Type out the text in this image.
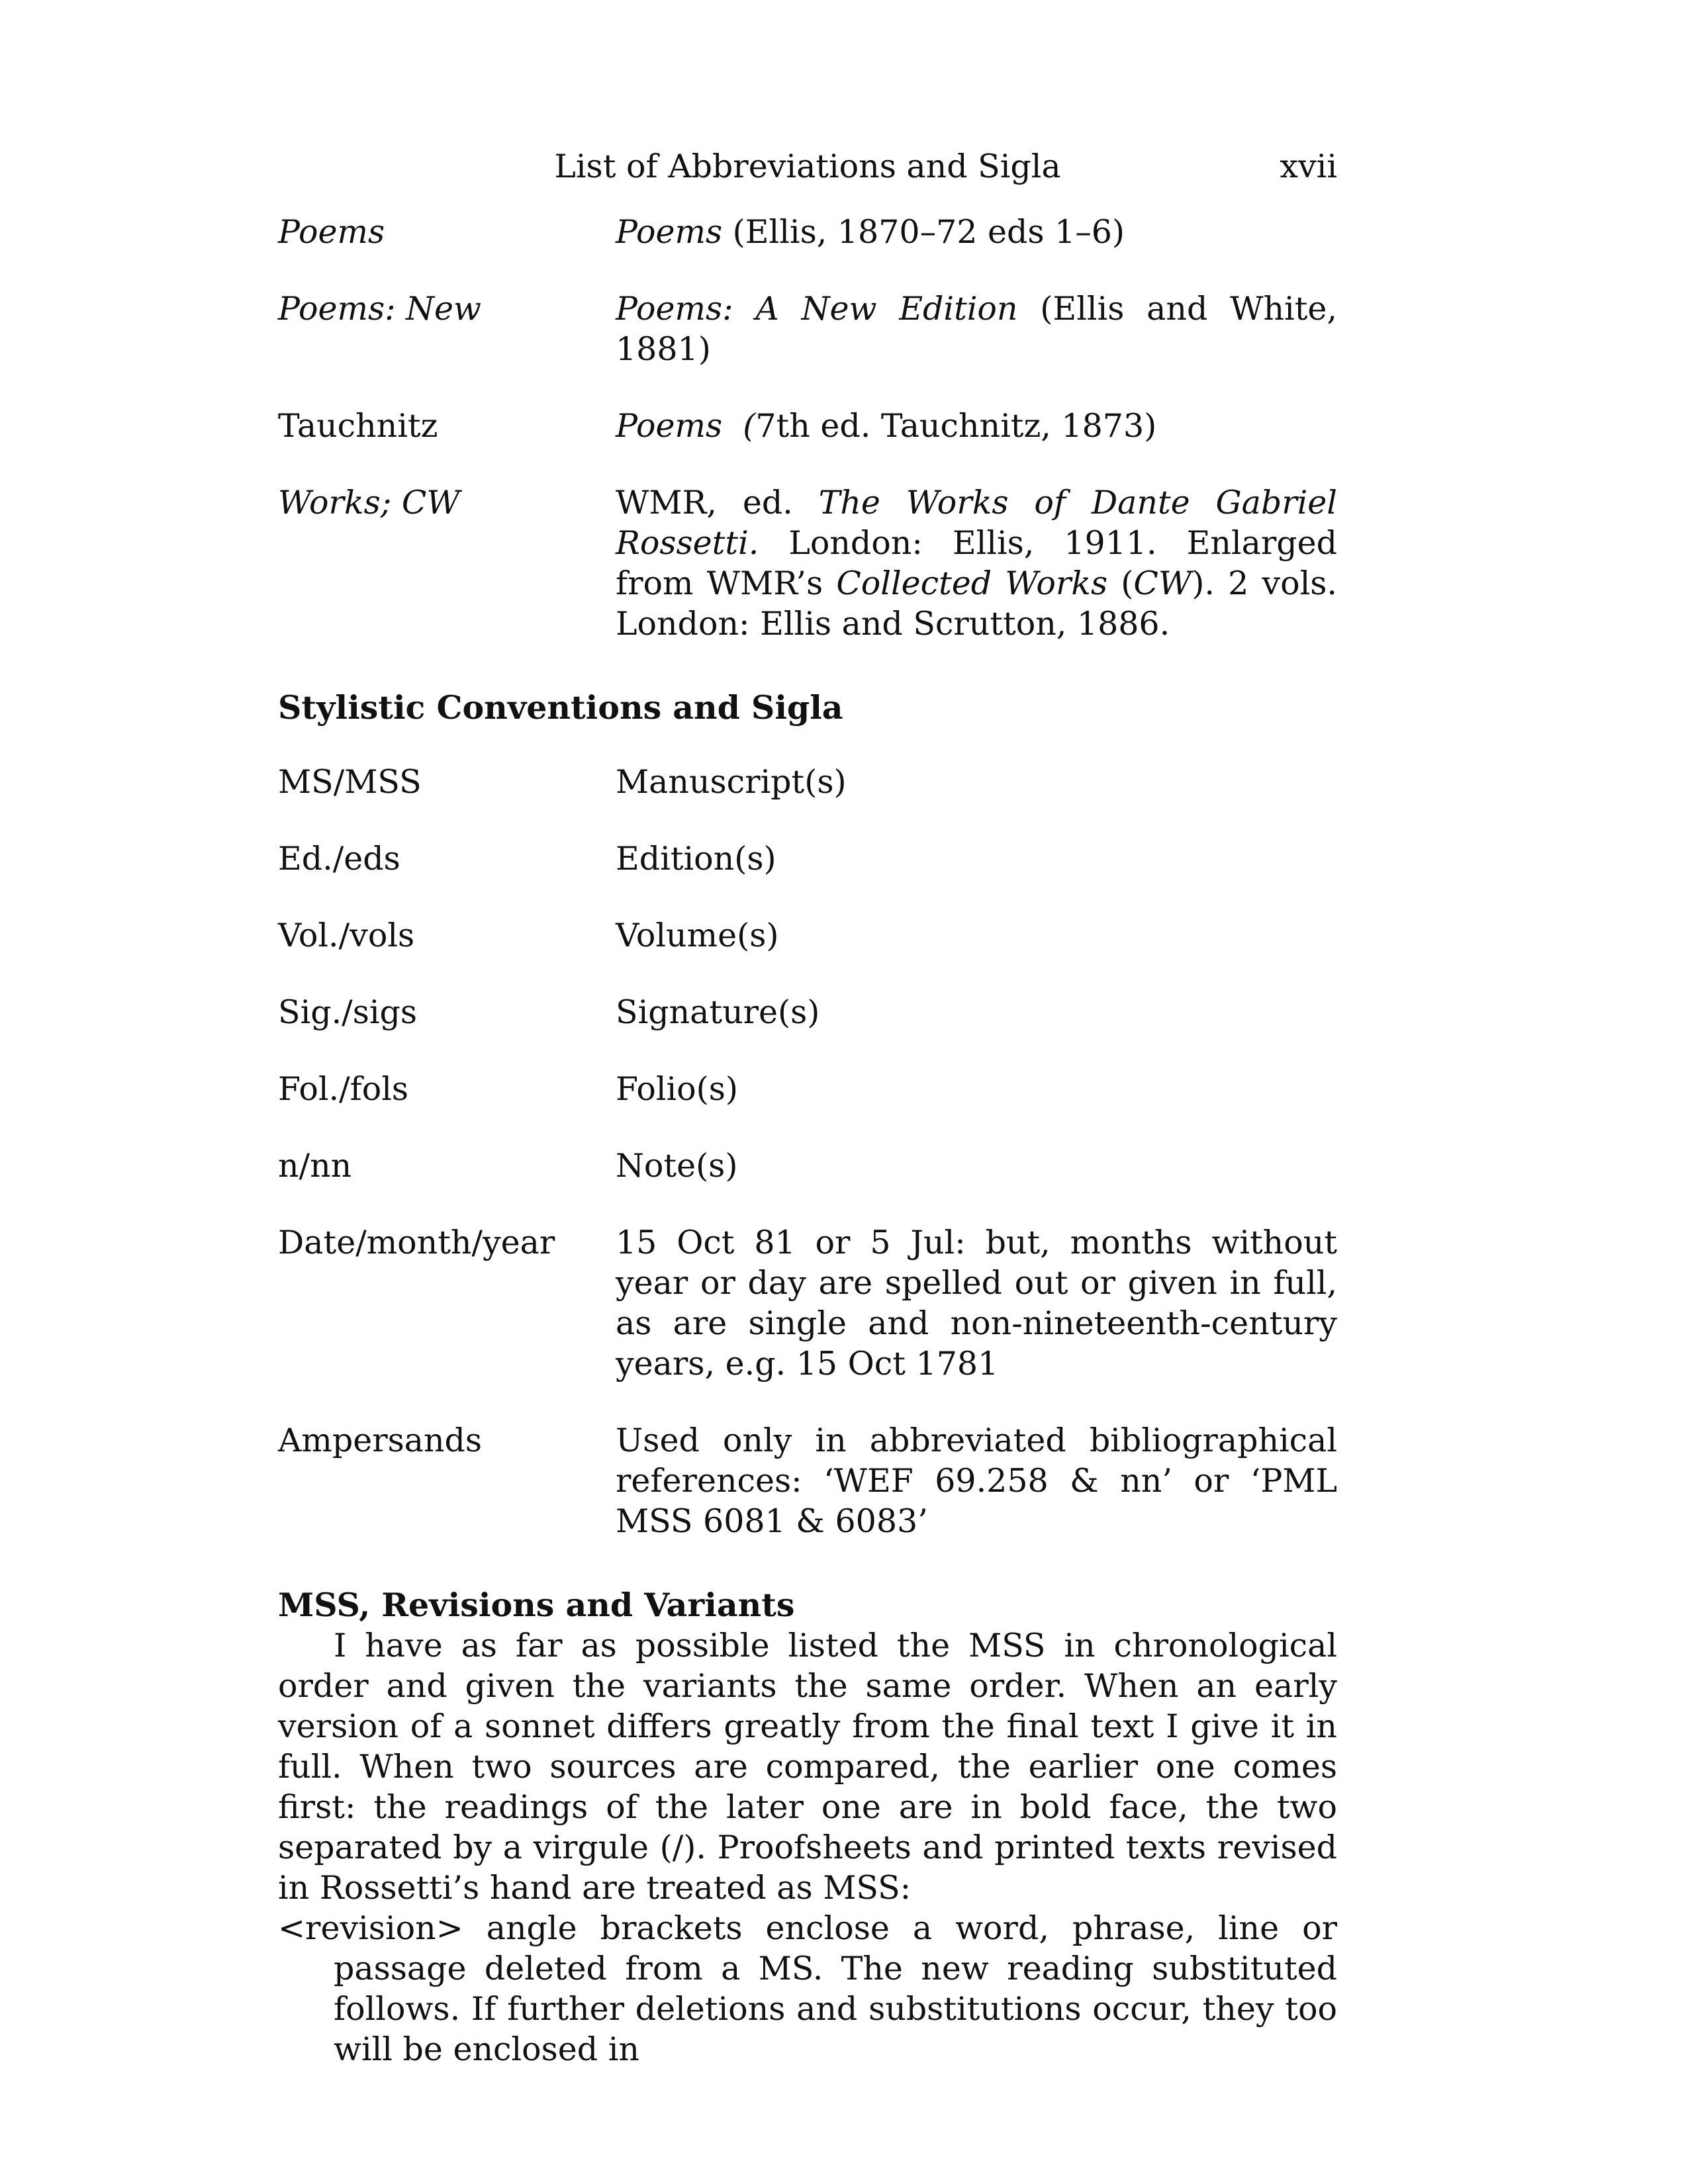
List of Abbreviations and Sigla	xvii
Poems	Poems (Ellis, 1870–72 eds 1–6)
Poems: New	Poems: A New Edition (Ellis and White, 1881)
Tauchnitz	Poems  (7th ed. Tauchnitz, 1873)
Works; CW	WMR, ed. The Works of Dante Gabriel Rossetti. London: Ellis, 1911. Enlarged from WMR’s Collected Works (CW). 2 vols. London: Ellis and Scrutton, 1886.
Stylistic Conventions and Sigla
MS/MSS	Manuscript(s)
Ed./eds	Edition(s)
Vol./vols	Volume(s)
Sig./sigs	Signature(s)
Fol./fols	Folio(s)
n/nn	Note(s)
Date/month/year	15 Oct 81 or 5 Jul: but, months without year or day are spelled out or given in full, as are single and non-nineteenth-century years, e.g. 15 Oct 1781
Ampersands	Used only in abbreviated bibliographical references: ‘WEF 69.258 & nn’ or ‘PML MSS 6081 & 6083’
MSS, Revisions and Variants
I have as far as possible listed the MSS in chronological order and given the variants the same order. When an early version of a sonnet differs greatly from the final text I give it in full. When two sources are compared, the earlier one comes first: the readings of the later one are in bold face, the two separated by a virgule (/). Proofsheets and printed texts revised in Rossetti’s hand are treated as MSS:
<revision> angle brackets enclose a word, phrase, line or passage deleted from a MS. The new reading substituted follows. If further deletions and substitutions occur, they too will be enclosed in
